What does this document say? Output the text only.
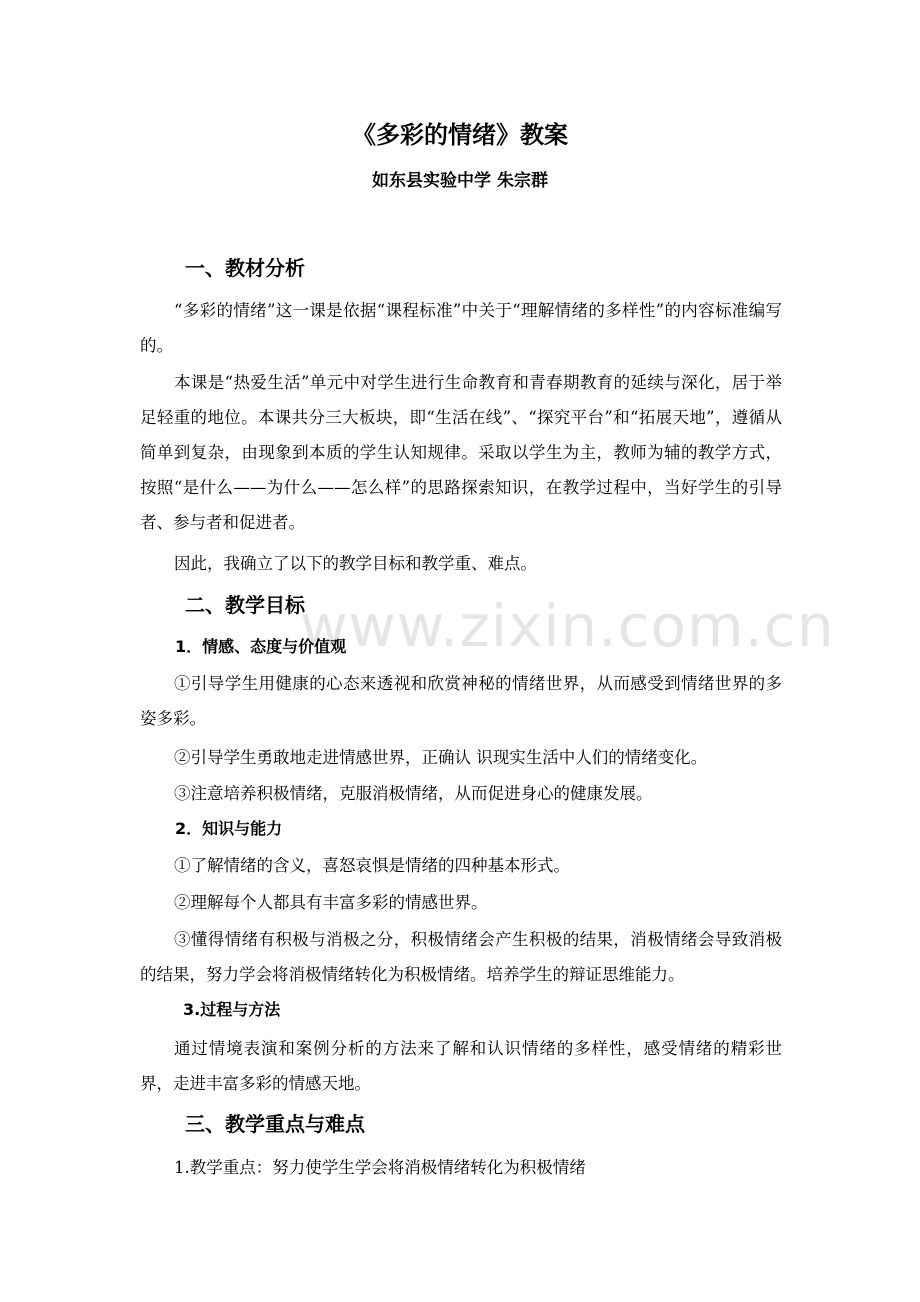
www.zixin.com.cn
《多彩的情绪》教案
如东县实验中学 朱宗群
一、教材分析

“多彩的情绪”这一课是依据“课程标准”中关于“理解情绪的多样性”的内容标准编写的。

本课是“热爱生活”单元中对学生进行生命教育和青春期教育的延续与深化，居于举足轻重的地位。本课共分三大板块，即“生活在线”、“探究平台”和“拓展天地”，遵循从简单到复杂，由现象到本质的学生认知规律。采取以学生为主，教师为辅的教学方式，按照“是什么——为什么——怎么样”的思路探索知识，在教学过程中，当好学生的引导者、参与者和促进者。

因此，我确立了以下的教学目标和教学重、难点。

二、教学目标
1．情感、态度与价值观

①引导学生用健康的心态来透视和欣赏神秘的情绪世界，从而感受到情绪世界的多姿多彩。

②引导学生勇敢地走进情感世界，正确认 识现实生活中人们的情绪变化。

③注意培养积极情绪，克服消极情绪，从而促进身心的健康发展。

2．知识与能力

①了解情绪的含义，喜怒哀惧是情绪的四种基本形式。

②理解每个人都具有丰富多彩的情感世界。

③懂得情绪有积极与消极之分，积极情绪会产生积极的结果，消极情绪会导致消极的结果，努力学会将消极情绪转化为积极情绪。培养学生的辩证思维能力。

3.过程与方法

通过情境表演和案例分析的方法来了解和认识情绪的多样性，感受情绪的精彩世界，走进丰富多彩的情感天地。

三、教学重点与难点

1.教学重点：努力使学生学会将消极情绪转化为积极情绪
